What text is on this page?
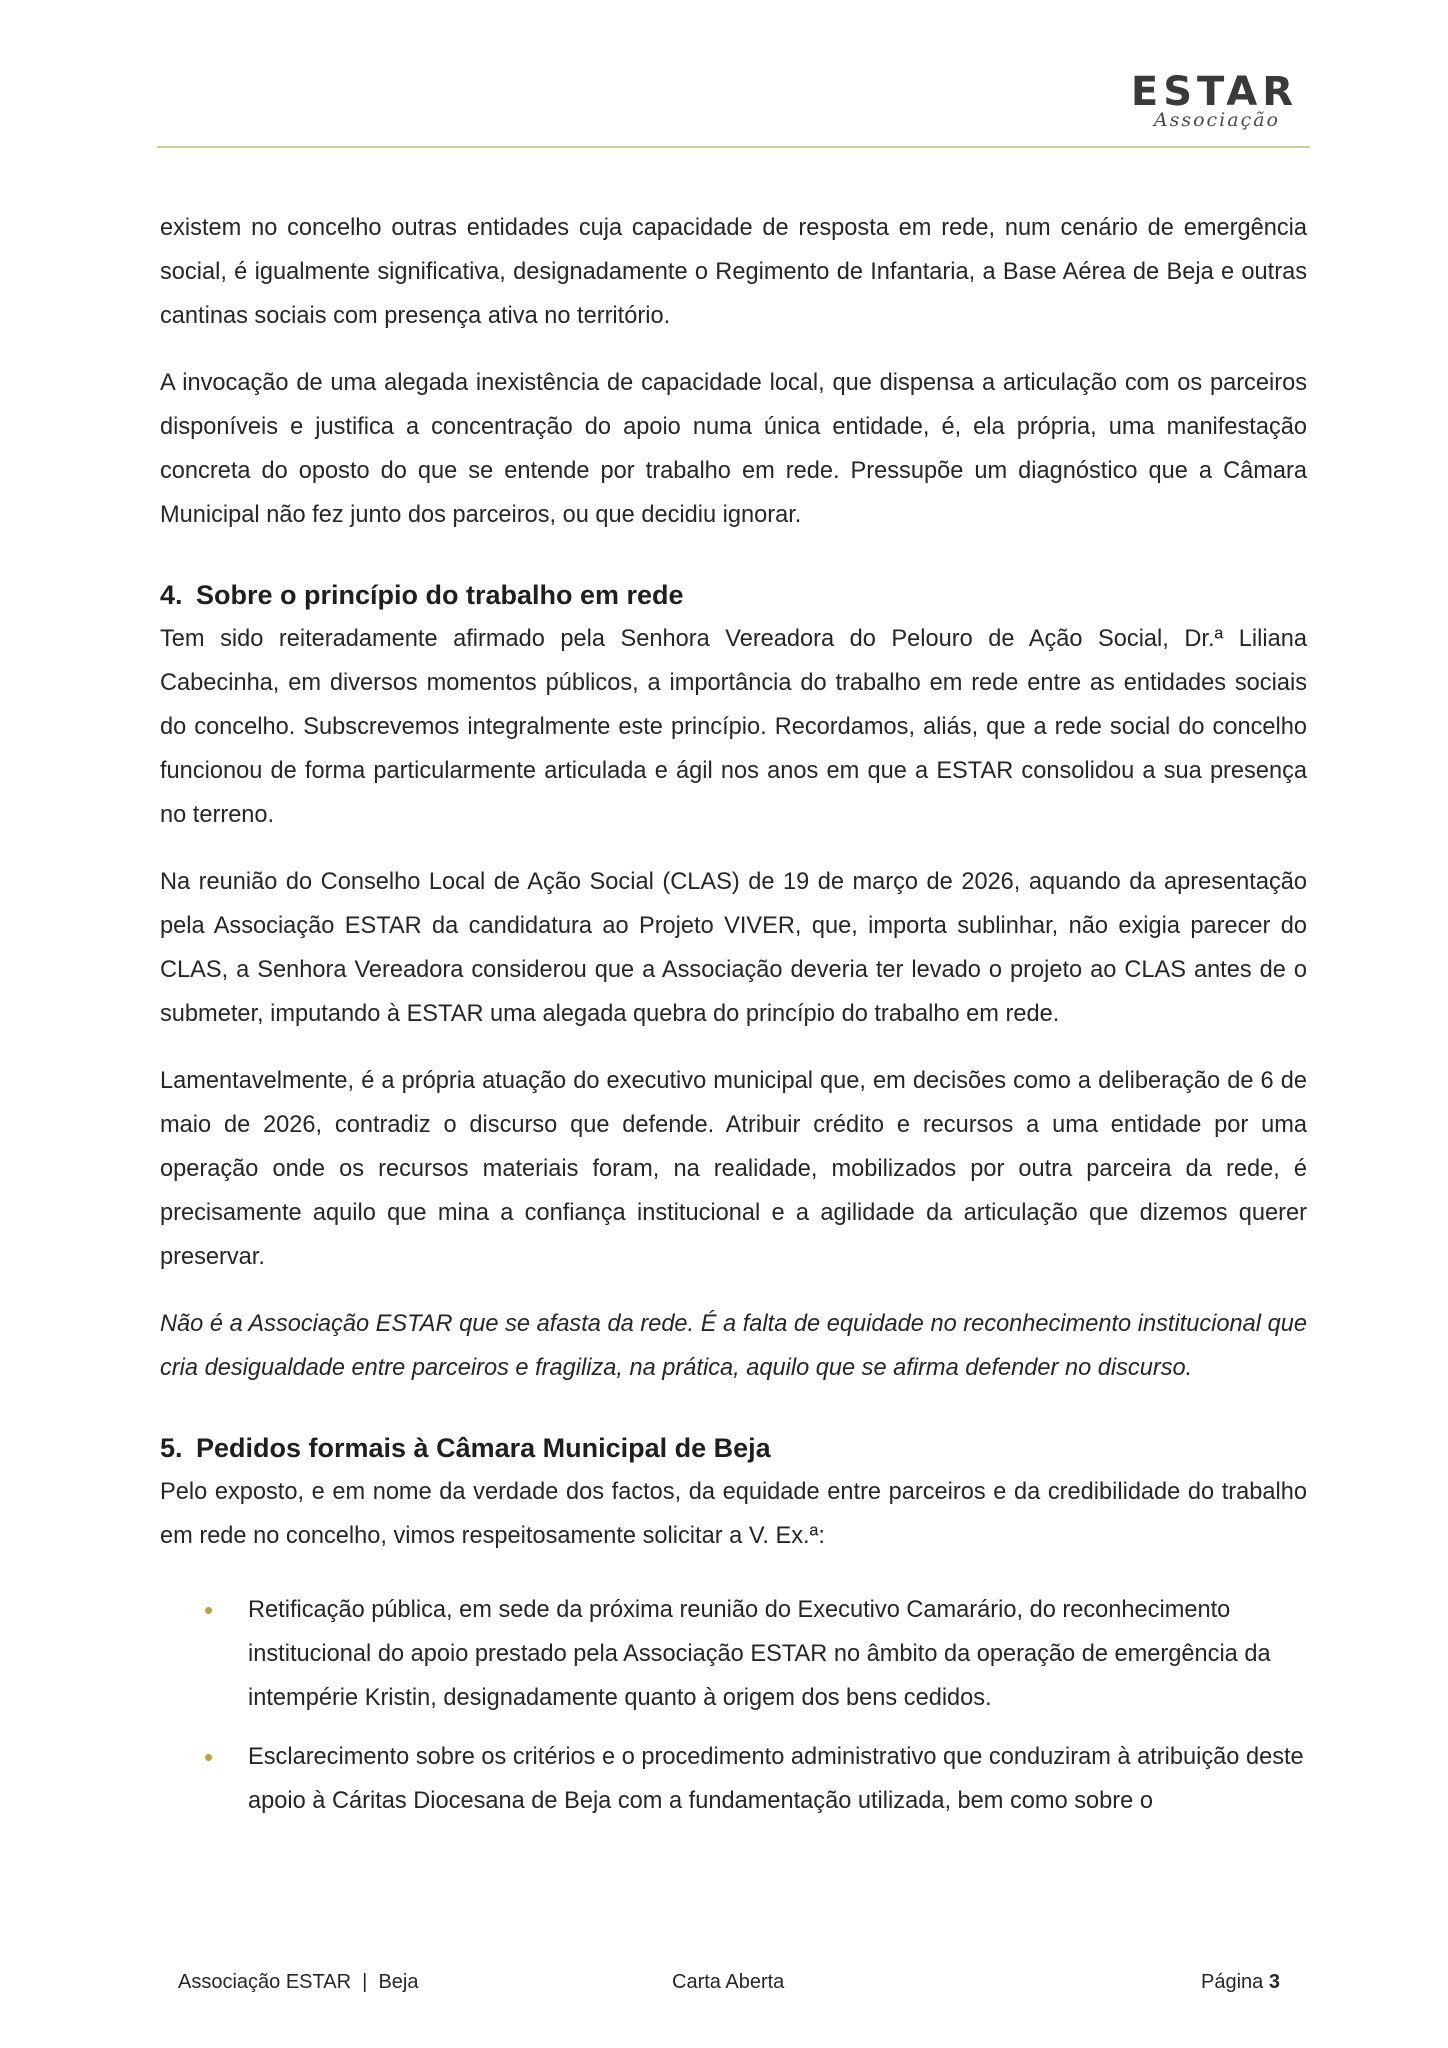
ESTAR
Associação

existem no concelho outras entidades cuja capacidade de resposta em rede, num cenário de emergência social, é igualmente significativa, designadamente o Regimento de Infantaria, a Base Aérea de Beja e outras cantinas sociais com presença ativa no território.

A invocação de uma alegada inexistência de capacidade local, que dispensa a articulação com os parceiros disponíveis e justifica a concentração do apoio numa única entidade, é, ela própria, uma manifestação concreta do oposto do que se entende por trabalho em rede. Pressupõe um diagnóstico que a Câmara Municipal não fez junto dos parceiros, ou que decidiu ignorar.

4. Sobre o princípio do trabalho em rede

Tem sido reiteradamente afirmado pela Senhora Vereadora do Pelouro de Ação Social, Dr.ª Liliana Cabecinha, em diversos momentos públicos, a importância do trabalho em rede entre as entidades sociais do concelho. Subscrevemos integralmente este princípio. Recordamos, aliás, que a rede social do concelho funcionou de forma particularmente articulada e ágil nos anos em que a ESTAR consolidou a sua presença no terreno.

Na reunião do Conselho Local de Ação Social (CLAS) de 19 de março de 2026, aquando da apresentação pela Associação ESTAR da candidatura ao Projeto VIVER, que, importa sublinhar, não exigia parecer do CLAS, a Senhora Vereadora considerou que a Associação deveria ter levado o projeto ao CLAS antes de o submeter, imputando à ESTAR uma alegada quebra do princípio do trabalho em rede.

Lamentavelmente, é a própria atuação do executivo municipal que, em decisões como a deliberação de 6 de maio de 2026, contradiz o discurso que defende. Atribuir crédito e recursos a uma entidade por uma operação onde os recursos materiais foram, na realidade, mobilizados por outra parceira da rede, é precisamente aquilo que mina a confiança institucional e a agilidade da articulação que dizemos querer preservar.

Não é a Associação ESTAR que se afasta da rede. É a falta de equidade no reconhecimento institucional que cria desigualdade entre parceiros e fragiliza, na prática, aquilo que se afirma defender no discurso.

5. Pedidos formais à Câmara Municipal de Beja

Pelo exposto, e em nome da verdade dos factos, da equidade entre parceiros e da credibilidade do trabalho em rede no concelho, vimos respeitosamente solicitar a V. Ex.ª:

• Retificação pública, em sede da próxima reunião do Executivo Camarário, do reconhecimento institucional do apoio prestado pela Associação ESTAR no âmbito da operação de emergência da intempérie Kristin, designadamente quanto à origem dos bens cedidos.

• Esclarecimento sobre os critérios e o procedimento administrativo que conduziram à atribuição deste apoio à Cáritas Diocesana de Beja com a fundamentação utilizada, bem como sobre o

Associação ESTAR  |  Beja	Carta Aberta	Página 3
